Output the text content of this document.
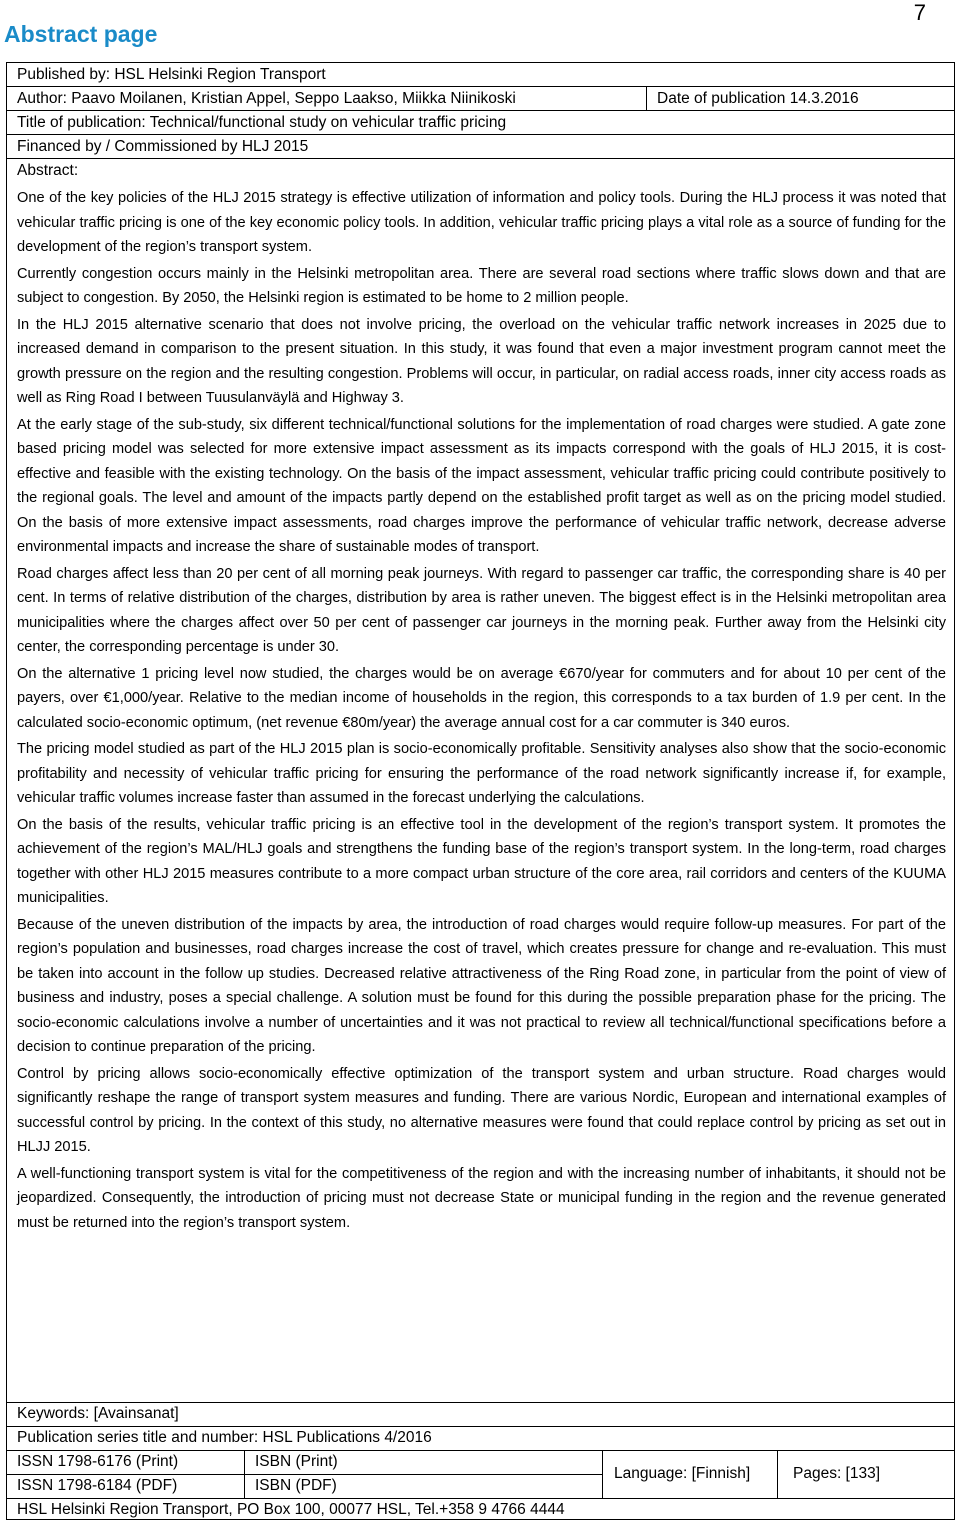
7
Abstract page
Published by: HSL Helsinki Region Transport
Author: Paavo Moilanen, Kristian Appel, Seppo Laakso, Miikka Niinikoski	Date of publication 14.3.2016
Title of publication: Technical/functional study on vehicular traffic pricing
Financed by / Commissioned by HLJ 2015
Abstract:

One of the key policies of the HLJ 2015 strategy is effective utilization of information and policy tools. During the HLJ process it was noted that vehicular traffic pricing is one of the key economic policy tools. In addition, vehicular traffic pricing plays a vital role as a source of funding for the development of the region’s transport system.

Currently congestion occurs mainly in the Helsinki metropolitan area. There are several road sections where traffic slows down and that are subject to congestion. By 2050, the Helsinki region is estimated to be home to 2 million people.

In the HLJ 2015 alternative scenario that does not involve pricing, the overload on the vehicular traffic network increases in 2025 due to increased demand in comparison to the present situation. In this study, it was found that even a major investment program cannot meet the growth pressure on the region and the resulting congestion. Problems will occur, in particular, on radial access roads, inner city access roads as well as Ring Road I between Tuusulanväylä and Highway 3.

At the early stage of the sub-study, six different technical/functional solutions for the implementation of road charges were studied. A gate zone based pricing model was selected for more extensive impact assessment as its impacts correspond with the goals of HLJ 2015, it is cost-effective and feasible with the existing technology. On the basis of the impact assessment, vehicular traffic pricing could contribute positively to the regional goals. The level and amount of the impacts partly depend on the established profit target as well as on the pricing model studied. On the basis of more extensive impact assessments, road charges improve the performance of vehicular traffic network, decrease adverse environmental impacts and increase the share of sustainable modes of transport.

Road charges affect less than 20 per cent of all morning peak journeys. With regard to passenger car traffic, the corresponding share is 40 per cent. In terms of relative distribution of the charges, distribution by area is rather uneven. The biggest effect is in the Helsinki metropolitan area municipalities where the charges affect over 50 per cent of passenger car journeys in the morning peak. Further away from the Helsinki city center, the corresponding percentage is under 30.

On the alternative 1 pricing level now studied, the charges would be on average €670/year for commuters and for about 10 per cent of the payers, over €1,000/year. Relative to the median income of households in the region, this corresponds to a tax burden of 1.9 per cent. In the calculated socio-economic optimum, (net revenue €80m/year) the average annual cost for a car commuter is 340 euros.

The pricing model studied as part of the HLJ 2015 plan is socio-economically profitable. Sensitivity analyses also show that the socio-economic profitability and necessity of vehicular traffic pricing for ensuring the performance of the road network significantly increase if, for example, vehicular traffic volumes increase faster than assumed in the forecast underlying the calculations.

On the basis of the results, vehicular traffic pricing is an effective tool in the development of the region’s transport system. It promotes the achievement of the region’s MAL/HLJ goals and strengthens the funding base of the region’s transport system. In the long-term, road charges together with other HLJ 2015 measures contribute to a more compact urban structure of the core area, rail corridors and centers of the KUUMA municipalities.

Because of the uneven distribution of the impacts by area, the introduction of road charges would require follow-up measures. For part of the region’s population and businesses, road charges increase the cost of travel, which creates pressure for change and re-evaluation. This must be taken into account in the follow up studies. Decreased relative attractiveness of the Ring Road zone, in particular from the point of view of business and industry, poses a special challenge. A solution must be found for this during the possible preparation phase for the pricing. The socio-economic calculations involve a number of uncertainties and it was not practical to review all technical/functional specifications before a decision to continue preparation of the pricing.

Control by pricing allows socio-economically effective optimization of the transport system and urban structure. Road charges would significantly reshape the range of transport system measures and funding. There are various Nordic, European and international examples of successful control by pricing. In the context of this study, no alternative measures were found that could replace control by pricing as set out in HLJJ 2015.

A well-functioning transport system is vital for the competitiveness of the region and with the increasing number of inhabitants, it should not be jeopardized. Consequently, the introduction of pricing must not decrease State or municipal funding in the region and the revenue generated must be returned into the region’s transport system.

Keywords: [Avainsanat]
Publication series title and number: HSL Publications 4/2016
ISSN 1798-6176 (Print)	ISBN (Print)
ISSN 1798-6184 (PDF)	ISBN (PDF)
Language: [Finnish]	Pages: [133]
HSL Helsinki Region Transport, PO Box 100, 00077 HSL, Tel.+358 9 4766 4444
